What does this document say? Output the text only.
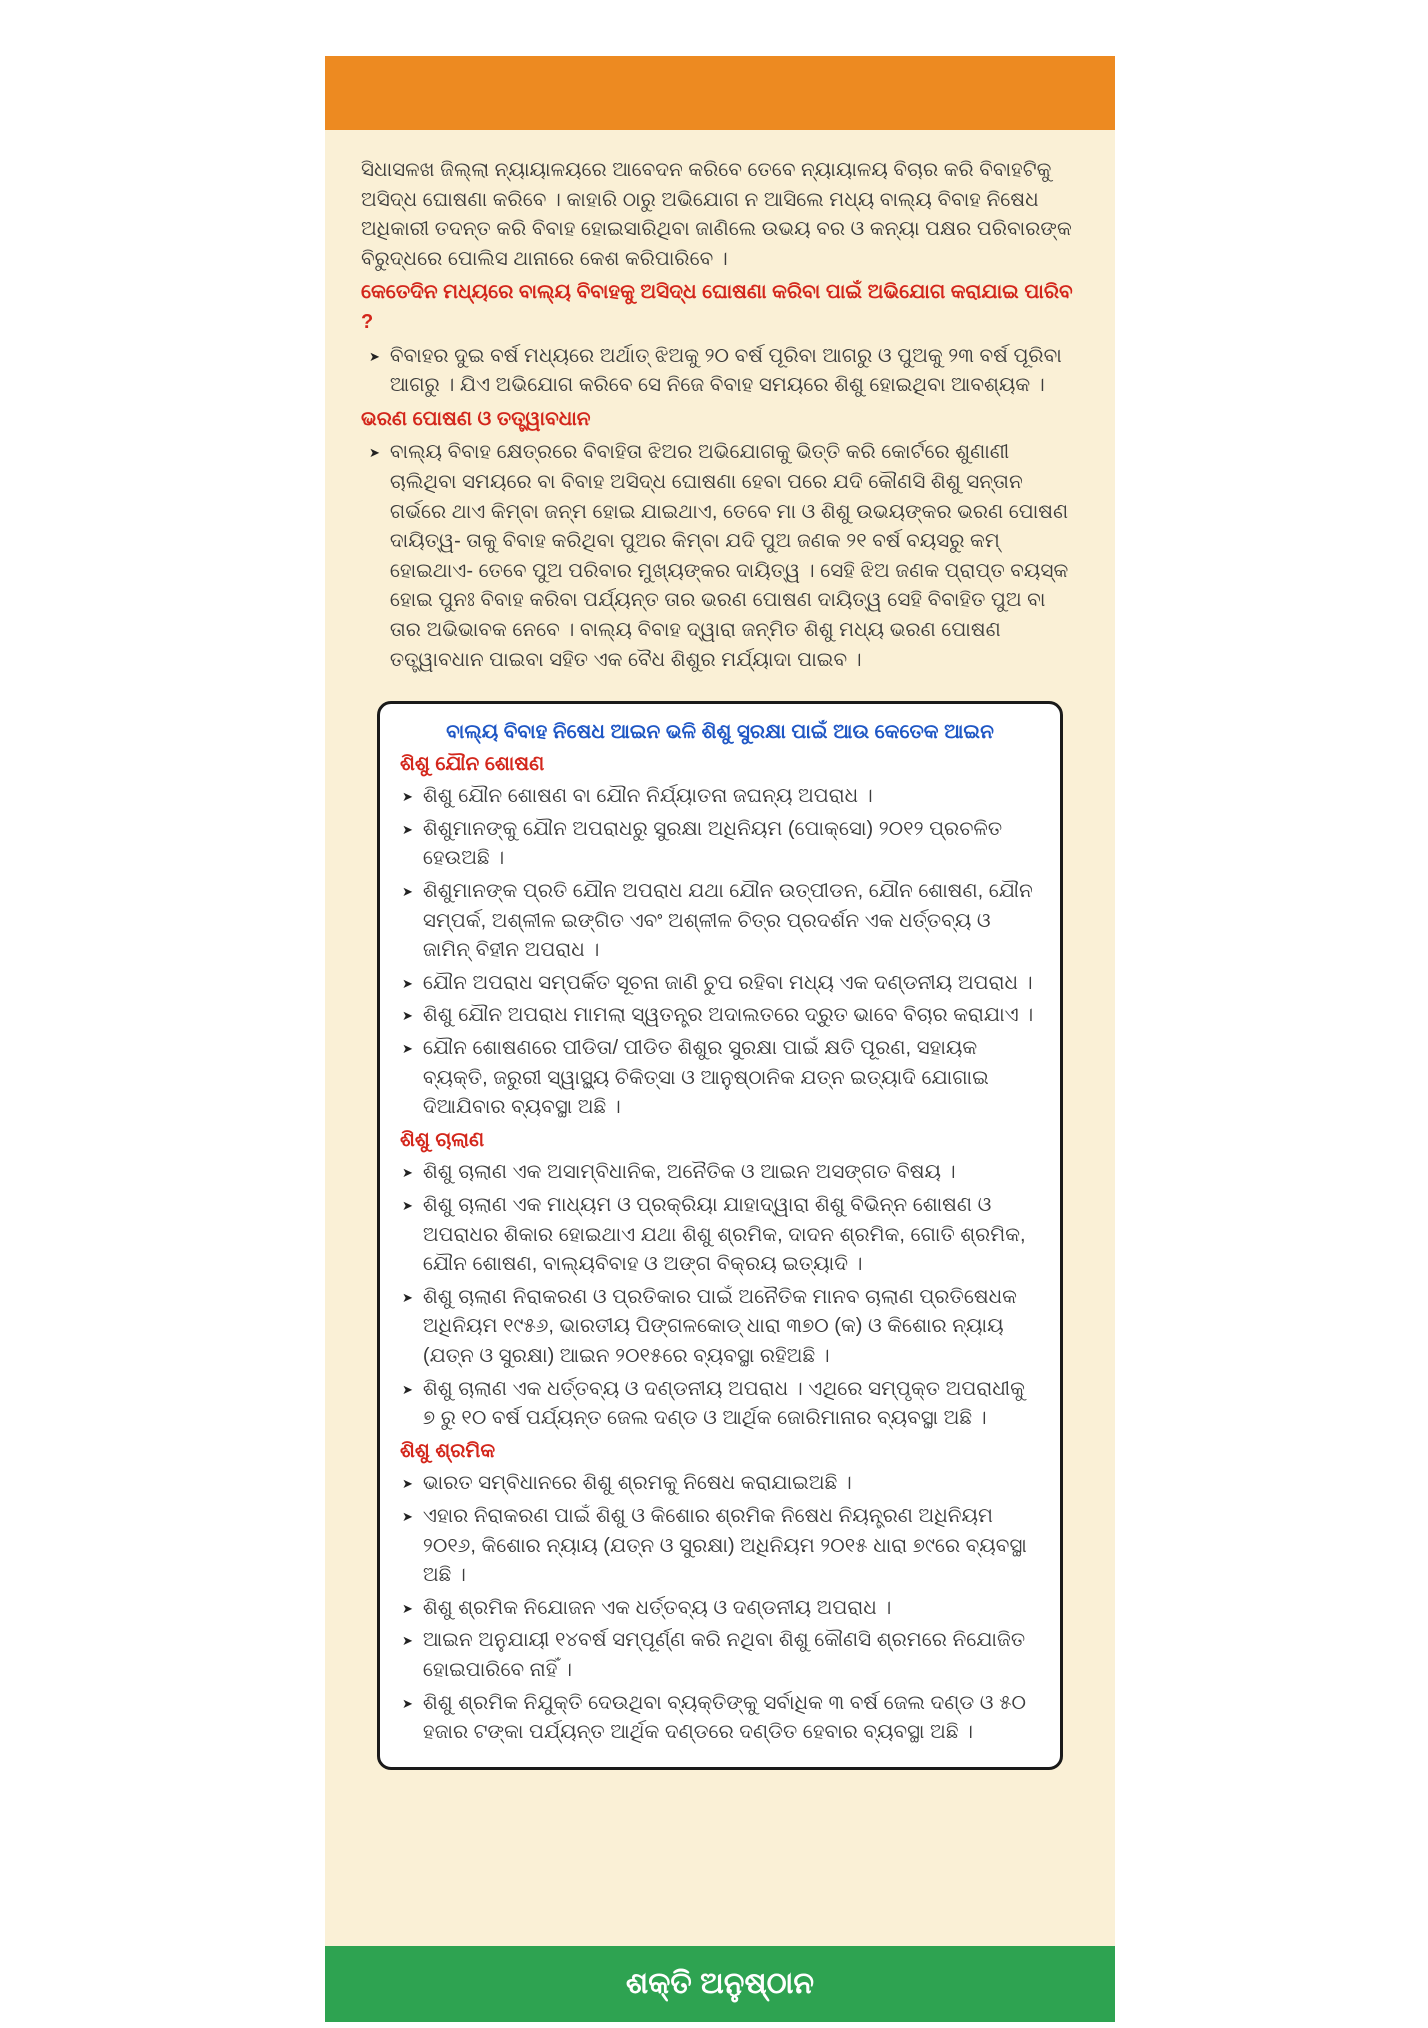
ସିଧାସଳଖ ଜିଲ୍ଲା ନ୍ୟାୟାଳୟରେ ଆବେଦନ କରିବେ ତେବେ ନ୍ୟାୟାଳୟ ବିଚାର କରି ବିବାହଟିକୁ ଅସିଦ୍ଧ ଘୋଷଣା କରିବେ । କାହାରି ଠାରୁ ଅଭିଯୋଗ ନ ଆସିଲେ ମଧ୍ୟ ବାଲ୍ୟ ବିବାହ ନିଷେଧ ଅଧିକାରୀ ତଦନ୍ତ କରି ବିବାହ ହୋଇସାରିଥିବା ଜାଣିଲେ ଉଭୟ ବର ଓ କନ୍ୟା ପକ୍ଷର ପରିବାରଙ୍କ ବିରୁଦ୍ଧରେ ପୋଲିସ ଥାନାରେ କେଶ କରିପାରିବେ ।

କେତେଦିନ ମଧ୍ୟରେ ବାଲ୍ୟ ବିବାହକୁ ଅସିଦ୍ଧ ଘୋଷଣା କରିବା ପାଇଁ ଅଭିଯୋଗ କରାଯାଇ ପାରିବ ?
➤ ବିବାହର ଦୁଇ ବର୍ଷ ମଧ୍ୟରେ ଅର୍ଥାତ୍ ଝିଅକୁ ୨୦ ବର୍ଷ ପୂରିବା ଆଗରୁ ଓ ପୁଅକୁ ୨୩ ବର୍ଷ ପୂରିବା ଆଗରୁ । ଯିଏ ଅଭିଯୋଗ କରିବେ ସେ ନିଜେ ବିବାହ ସମୟରେ ଶିଶୁ ହୋଇଥିବା ଆବଶ୍ୟକ ।
ଭରଣ ପୋଷଣ ଓ ତତ୍ତ୍ୱାବଧାନ
➤ ବାଲ୍ୟ ବିବାହ କ୍ଷେତ୍ରରେ ବିବାହିତା ଝିଅର ଅଭିଯୋଗକୁ ଭିତ୍ତି କରି କୋର୍ଟରେ ଶୁଣାଣୀ ଚାଲିଥିବା ସମୟରେ ବା ବିବାହ ଅସିଦ୍ଧ ଘୋଷଣା ହେବା ପରେ ଯଦି କୌଣସି ଶିଶୁ ସନ୍ତାନ ଗର୍ଭରେ ଥାଏ କିମ୍ବା ଜନ୍ମ ହୋଇ ଯାଇଥାଏ, ତେବେ ମା ଓ ଶିଶୁ ଉଭୟଙ୍କର ଭରଣ ପୋଷଣ ଦାୟିତ୍ୱ- ତାକୁ ବିବାହ କରିଥିବା ପୁଅର କିମ୍ବା ଯଦି ପୁଅ ଜଣକ ୨୧ ବର୍ଷ ବୟସରୁ କମ୍ ହୋଇଥାଏ- ତେବେ ପୁଅ ପରିବାର ମୁଖ୍ୟଙ୍କର ଦାୟିତ୍ୱ । ସେହି ଝିଅ ଜଣକ ପ୍ରାପ୍ତ ବୟସ୍କ ହୋଇ ପୁନଃ ବିବାହ କରିବା ପର୍ଯ୍ୟନ୍ତ ତାର ଭରଣ ପୋଷଣ ଦାୟିତ୍ୱ ସେହି ବିବାହିତ ପୁଅ ବା ତାର ଅଭିଭାବକ ନେବେ । ବାଲ୍ୟ ବିବାହ ଦ୍ୱାରା ଜନ୍ମିତ ଶିଶୁ ମଧ୍ୟ ଭରଣ ପୋଷଣ ତତ୍ତ୍ୱାବଧାନ ପାଇବା ସହିତ ଏକ ବୈଧ ଶିଶୁର ମର୍ଯ୍ୟାଦା ପାଇବ ।
ବାଲ୍ୟ ବିବାହ ନିଷେଧ ଆଇନ ଭଳି ଶିଶୁ ସୁରକ୍ଷା ପାଇଁ ଆଉ କେତେକ ଆଇନ
ଶିଶୁ ଯୌନ ଶୋଷଣ
➤ ଶିଶୁ ଯୌନ ଶୋଷଣ ବା ଯୌନ ନିର୍ଯ୍ୟାତନା ଜଘନ୍ୟ ଅପରାଧ ।
➤ ଶିଶୁମାନଙ୍କୁ ଯୌନ ଅପରାଧରୁ ସୁରକ୍ଷା ଅଧିନିୟମ (ପୋକ୍ସୋ) ୨୦୧୨ ପ୍ରଚଳିତ ହେଉଅଛି ।
➤ ଶିଶୁମାନଙ୍କ ପ୍ରତି ଯୌନ ଅପରାଧ ଯଥା ଯୌନ ଉତ୍ପୀଡନ, ଯୌନ ଶୋଷଣ, ଯୌନ ସମ୍ପର୍କ, ଅଶ୍ଳୀଳ ଇଙ୍ଗିତ ଏବଂ ଅଶ୍ଳୀଳ ଚିତ୍ର ପ୍ରଦର୍ଶନ ଏକ ଧର୍ତ୍ତବ୍ୟ ଓ ଜାମିନ୍ ବିହୀନ ଅପରାଧ ।
➤ ଯୌନ ଅପରାଧ ସମ୍ପର୍କିତ ସୂଚନା ଜାଣି ଚୁପ ରହିବା ମଧ୍ୟ ଏକ ଦଣ୍ଡନୀୟ ଅପରାଧ ।
➤ ଶିଶୁ ଯୌନ ଅପରାଧ ମାମଲା ସ୍ୱତନ୍ତ୍ର ଅଦାଲତରେ ଦ୍ରୁତ ଭାବେ ବିଚାର କରାଯାଏ ।
➤ ଯୌନ ଶୋଷଣରେ ପୀଡିତା/ ପୀଡିତ ଶିଶୁର ସୁରକ୍ଷା ପାଇଁ କ୍ଷତି ପୂରଣ, ସହାୟକ ବ୍ୟକ୍ତି, ଜରୁରୀ ସ୍ୱାସ୍ଥ୍ୟ ଚିକିତ୍ସା ଓ ଆନୁଷ୍ଠାନିକ ଯତ୍ନ ଇତ୍ୟାଦି ଯୋଗାଇ ଦିଆଯିବାର ବ୍ୟବସ୍ଥା ଅଛି ।
ଶିଶୁ ଚାଲାଣ
➤ ଶିଶୁ ଚାଲାଣ ଏକ ଅସାମ୍ବିଧାନିକ, ଅନୈତିକ ଓ ଆଇନ ଅସଙ୍ଗତ ବିଷୟ ।
➤ ଶିଶୁ ଚାଲାଣ ଏକ ମାଧ୍ୟମ ଓ ପ୍ରକ୍ରିୟା ଯାହାଦ୍ୱାରା ଶିଶୁ ବିଭିନ୍ନ ଶୋଷଣ ଓ ଅପରାଧର ଶିକାର ହୋଇଥାଏ ଯଥା ଶିଶୁ ଶ୍ରମିକ, ଦାଦନ ଶ୍ରମିକ, ଗୋତି ଶ୍ରମିକ, ଯୌନ ଶୋଷଣ, ବାଲ୍ୟବିବାହ ଓ ଅଙ୍ଗ ବିକ୍ରୟ ଇତ୍ୟାଦି ।
➤ ଶିଶୁ ଚାଲାଣ ନିରାକରଣ ଓ ପ୍ରତିକାର ପାଇଁ ଅନୈତିକ ମାନବ ଚାଲାଣ ପ୍ରତିଷେଧକ ଅଧିନିୟମ ୧୯୫୬, ଭାରତୀୟ ପିଙ୍ଗଳକୋଡ୍ ଧାରା ୩୭୦ (କ) ଓ କିଶୋର ନ୍ୟାୟ (ଯତ୍ନ ଓ ସୁରକ୍ଷା) ଆଇନ ୨୦୧୫ରେ ବ୍ୟବସ୍ଥା ରହିଅଛି ।
➤ ଶିଶୁ ଚାଲାଣ ଏକ ଧର୍ତ୍ତବ୍ୟ ଓ ଦଣ୍ଡନୀୟ ଅପରାଧ । ଏଥିରେ ସମ୍ପୃକ୍ତ ଅପରାଧୀକୁ ୭ ରୁ ୧୦ ବର୍ଷ ପର୍ଯ୍ୟନ୍ତ ଜେଲ ଦଣ୍ଡ ଓ ଆର୍ଥିକ ଜୋରିମାନାର ବ୍ୟବସ୍ଥା ଅଛି ।
ଶିଶୁ ଶ୍ରମିକ
➤ ଭାରତ ସମ୍ବିଧାନରେ ଶିଶୁ ଶ୍ରମକୁ ନିଷେଧ କରାଯାଇଅଛି ।
➤ ଏହାର ନିରାକରଣ ପାଇଁ ଶିଶୁ ଓ କିଶୋର ଶ୍ରମିକ ନିଷେଧ ନିୟନ୍ତ୍ରଣ ଅଧିନିୟମ ୨୦୧୬, କିଶୋର ନ୍ୟାୟ (ଯତ୍ନ ଓ ସୁରକ୍ଷା) ଅଧିନିୟମ ୨୦୧୫ ଧାରା ୭୯ରେ ବ୍ୟବସ୍ଥା ଅଛି ।
➤ ଶିଶୁ ଶ୍ରମିକ ନିଯୋଜନ ଏକ ଧର୍ତ୍ତବ୍ୟ ଓ ଦଣ୍ଡନୀୟ ଅପରାଧ ।
➤ ଆଇନ ଅନୁଯାୟୀ ୧୪ବର୍ଷ ସମ୍ପୂର୍ଣ୍ଣ କରି ନଥିବା ଶିଶୁ କୌଣସି ଶ୍ରମରେ ନିଯୋଜିତ ହୋଇପାରିବେ ନାହିଁ ।
➤ ଶିଶୁ ଶ୍ରମିକ ନିଯୁକ୍ତି ଦେଉଥିବା ବ୍ୟକ୍ତିଙ୍କୁ ସର୍ବାଧିକ ୩ ବର୍ଷ ଜେଲ ଦଣ୍ଡ ଓ ୫୦ ହଜାର ଟଙ୍କା ପର୍ଯ୍ୟନ୍ତ ଆର୍ଥିକ ଦଣ୍ଡରେ ଦଣ୍ଡିତ ହେବାର ବ୍ୟବସ୍ଥା ଅଛି ।
ଶକ୍ତି ଅନୁଷ୍ଠାନ
